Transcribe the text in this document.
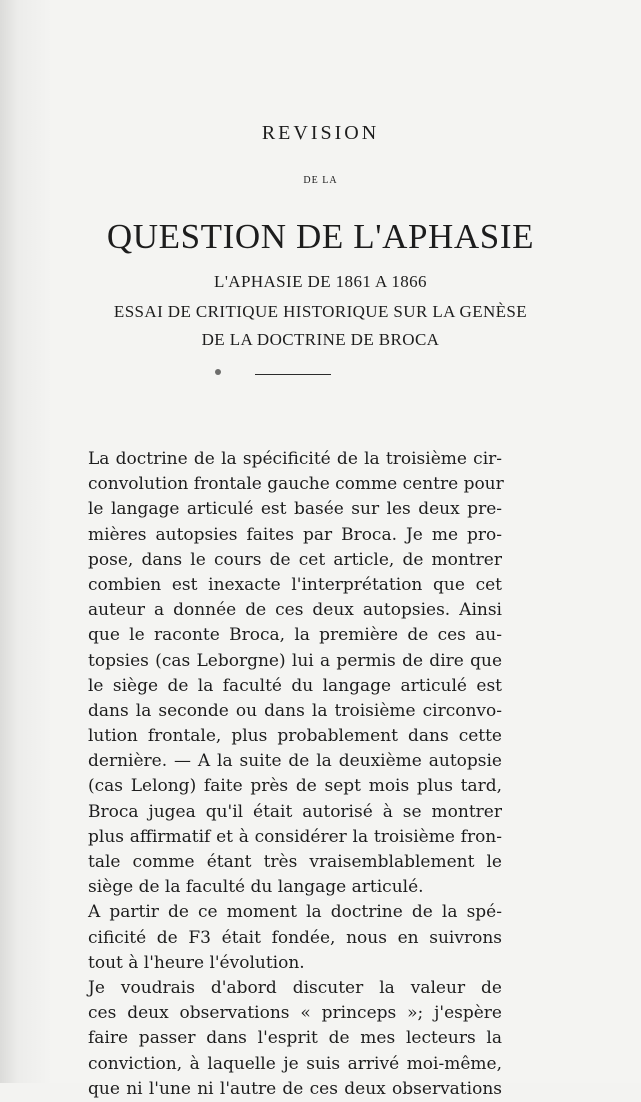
REVISION
DE LA
QUESTION DE L'APHASIE
L'APHASIE DE 1861 A 1866
ESSAI DE CRITIQUE HISTORIQUE SUR LA GENÈSE
DE LA DOCTRINE DE BROCA
La doctrine de la spécificité de la troisième cir-
convolution frontale gauche comme centre pour
le langage articulé est basée sur les deux pre-
mières autopsies faites par Broca. Je me pro-
pose, dans le cours de cet article, de montrer
combien est inexacte l'interprétation que cet
auteur a donnée de ces deux autopsies. Ainsi
que le raconte Broca, la première de ces au-
topsies (cas Leborgne) lui a permis de dire que
le siège de la faculté du langage articulé est
dans la seconde ou dans la troisième circonvo-
lution frontale, plus probablement dans cette
dernière. — A la suite de la deuxième autopsie
(cas Lelong) faite près de sept mois plus tard,
Broca jugea qu'il était autorisé à se montrer
plus affirmatif et à considérer la troisième fron-
tale comme étant très vraisemblablement le
siège de la faculté du langage articulé.
A partir de ce moment la doctrine de la spé-
cificité de F3 était fondée, nous en suivrons
tout à l'heure l'évolution.
Je voudrais d'abord discuter la valeur de
ces deux observations « princeps »; j'espère
faire passer dans l'esprit de mes lecteurs la
conviction, à laquelle je suis arrivé moi-même,
que ni l'une ni l'autre de ces deux observations
